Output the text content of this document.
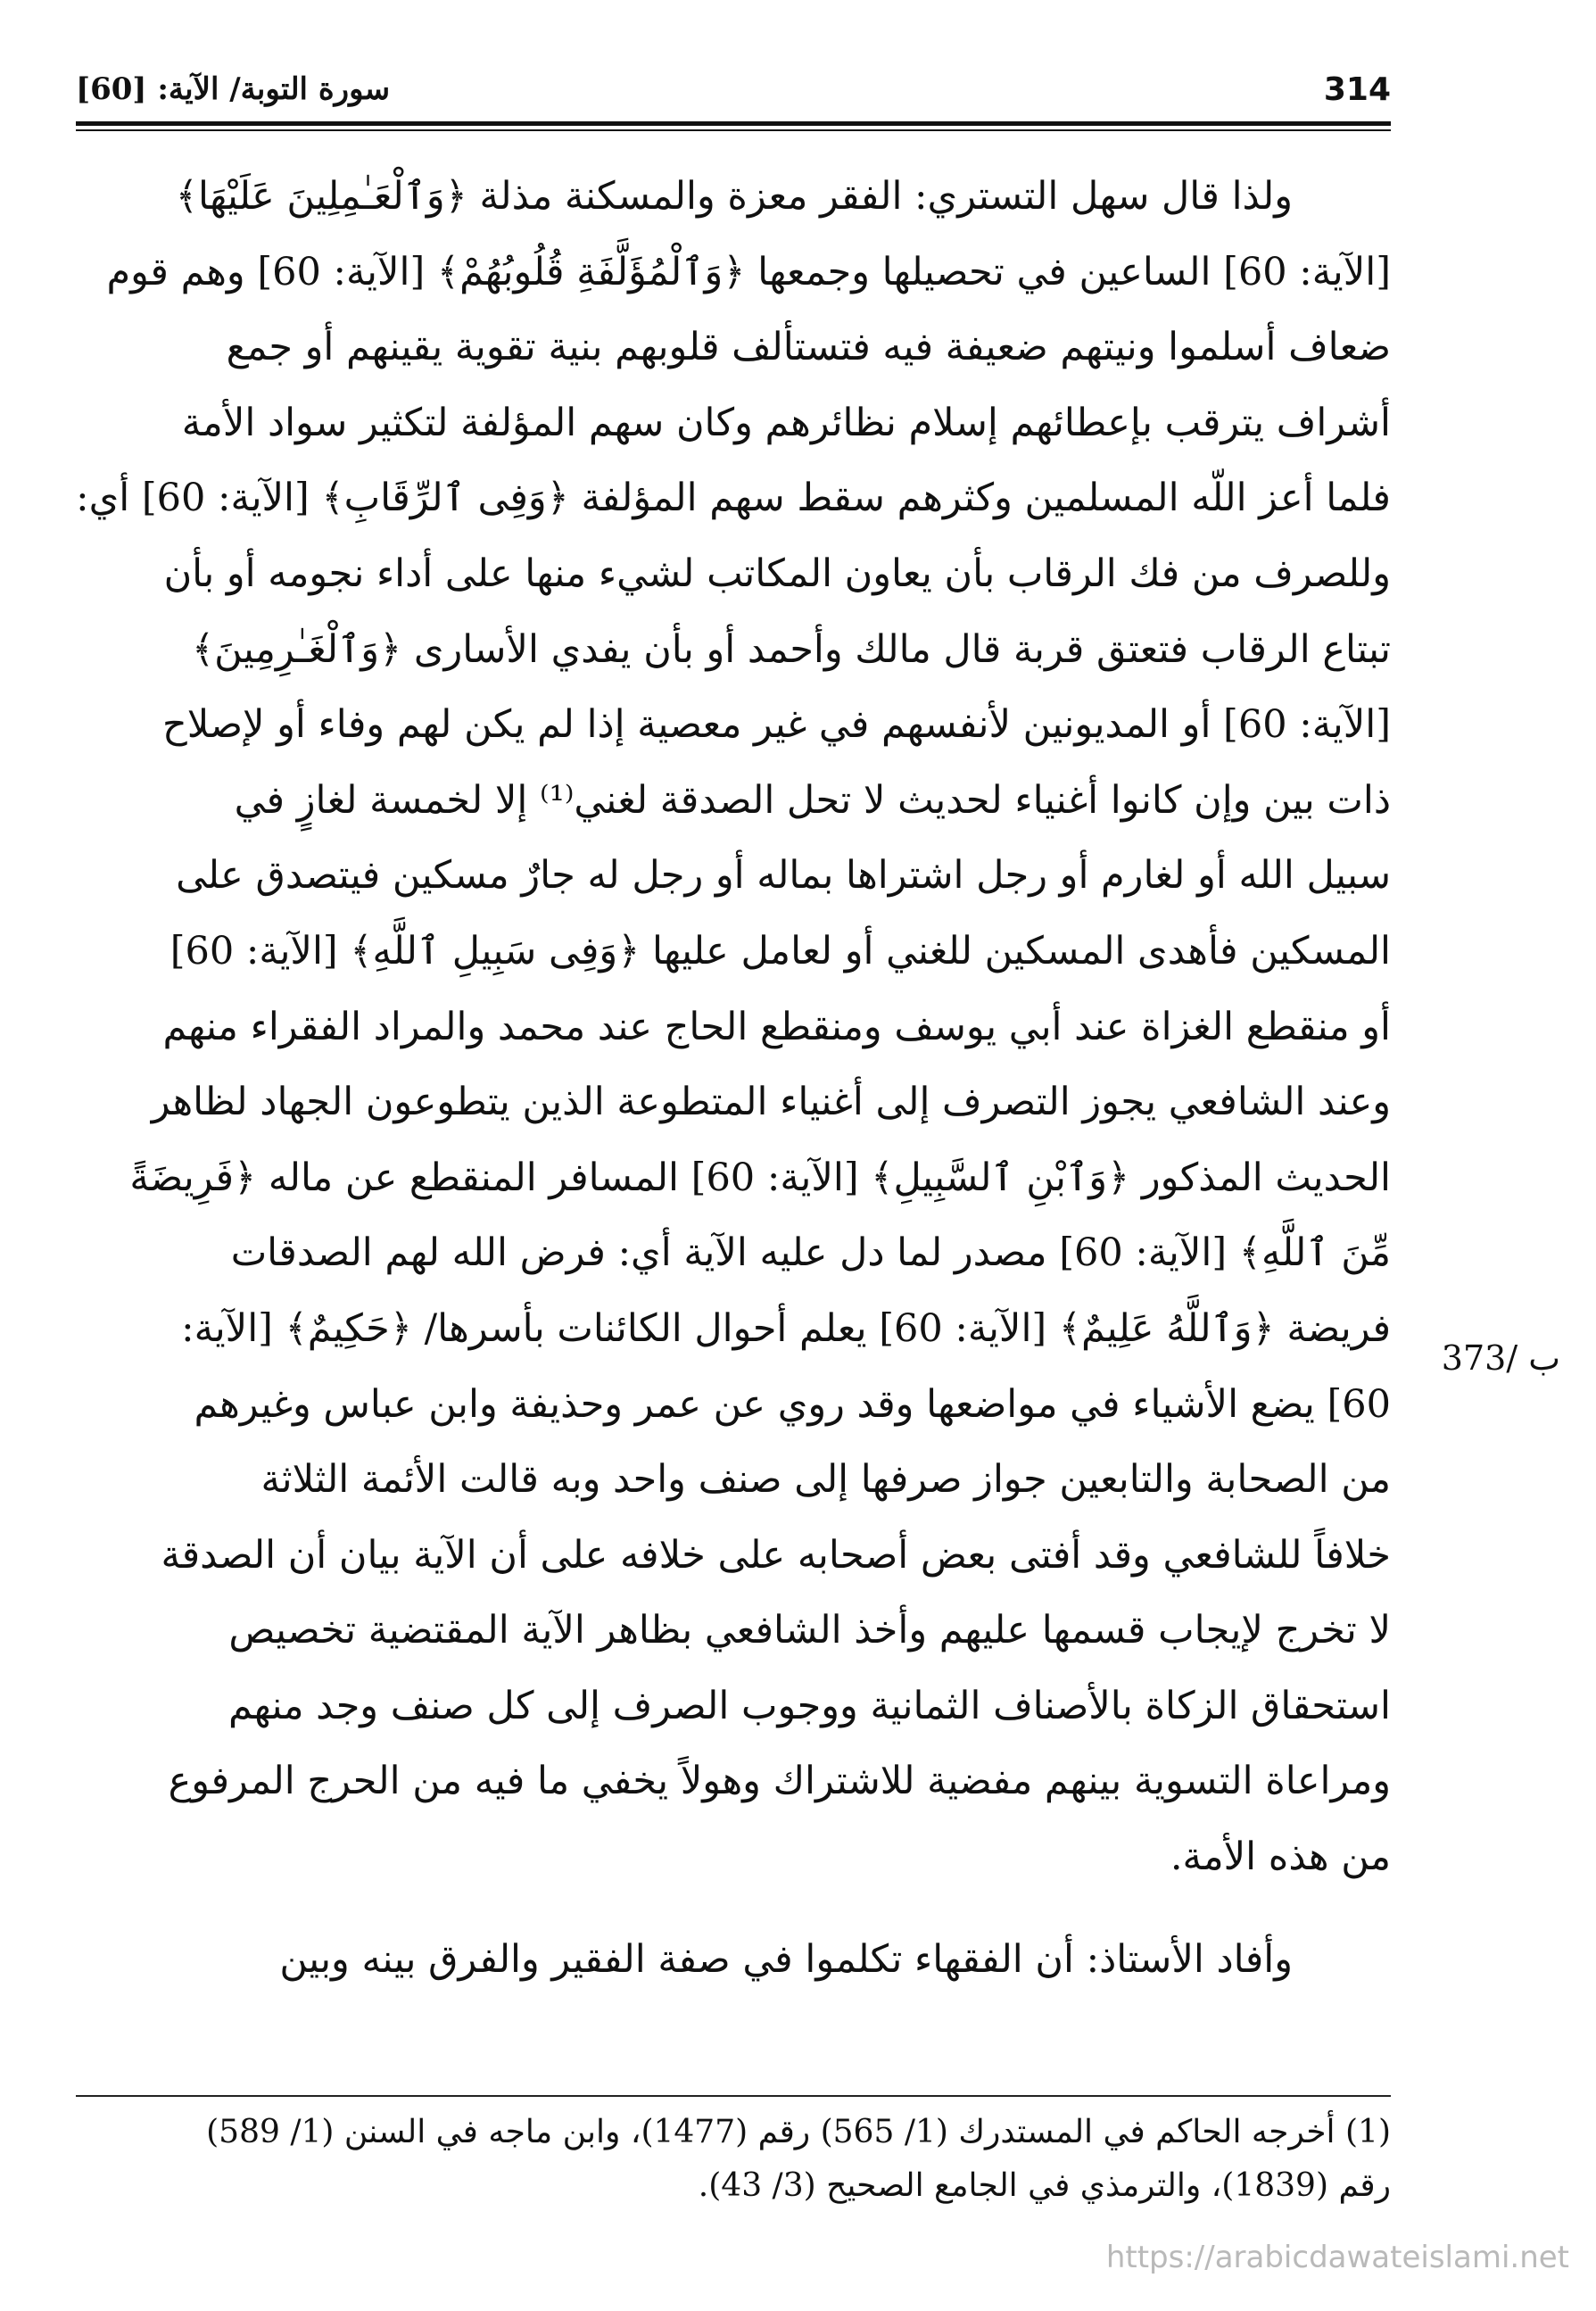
314
سورة التوبة/ الآية: [60]

ولذا قال سهل التستري: الفقر معزة والمسكنة مذلة ﴿وَٱلْعَـٰمِلِينَ عَلَيْهَا﴾
[الآية: 60] الساعين في تحصيلها وجمعها ﴿وَٱلْمُؤَلَّفَةِ قُلُوبُهُمْ﴾ [الآية: 60] وهم قوم
ضعاف أسلموا ونيتهم ضعيفة فيه فتستألف قلوبهم بنية تقوية يقينهم أو جمع
أشراف يترقب بإعطائهم إسلام نظائرهم وكان سهم المؤلفة لتكثير سواد الأمة
فلما أعز اللّه المسلمين وكثرهم سقط سهم المؤلفة ﴿وَفِى ٱلرِّقَابِ﴾ [الآية: 60] أي:
وللصرف من فك الرقاب بأن يعاون المكاتب لشيء منها على أداء نجومه أو بأن
تبتاع الرقاب فتعتق قربة قال مالك وأحمد أو بأن يفدي الأسارى ﴿وَٱلْغَـٰرِمِينَ﴾
[الآية: 60] أو المديونين لأنفسهم في غير معصية إذا لم يكن لهم وفاء أو لإصلاح
ذات بين وإن كانوا أغنياء لحديث لا تحل الصدقة لغني⁽¹⁾ إلا لخمسة لغازٍ في
سبيل الله أو لغارم أو رجل اشتراها بماله أو رجل له جارٌ مسكين فيتصدق على
المسكين فأهدى المسكين للغني أو لعامل عليها ﴿وَفِى سَبِيلِ ٱللَّهِ﴾ [الآية: 60]
أو منقطع الغزاة عند أبي يوسف ومنقطع الحاج عند محمد والمراد الفقراء منهم
وعند الشافعي يجوز التصرف إلى أغنياء المتطوعة الذين يتطوعون الجهاد لظاهر
الحديث المذكور ﴿وَٱبْنِ ٱلسَّبِيلِ﴾ [الآية: 60] المسافر المنقطع عن ماله ﴿فَرِيضَةً
مِّنَ ٱللَّهِ﴾ [الآية: 60] مصدر لما دل عليه الآية أي: فرض الله لهم الصدقات
فريضة ﴿وَٱللَّهُ عَلِيمٌ﴾ [الآية: 60] يعلم أحوال الكائنات بأسرها/ ﴿حَكِيمٌ﴾ [الآية:
60] يضع الأشياء في مواضعها وقد روي عن عمر وحذيفة وابن عباس وغيرهم
من الصحابة والتابعين جواز صرفها إلى صنف واحد وبه قالت الأئمة الثلاثة
خلافاً للشافعي وقد أفتى بعض أصحابه على خلافه على أن الآية بيان أن الصدقة
لا تخرج لإيجاب قسمها عليهم وأخذ الشافعي بظاهر الآية المقتضية تخصيص
استحقاق الزكاة بالأصناف الثمانية ووجوب الصرف إلى كل صنف وجد منهم
ومراعاة التسوية بينهم مفضية للاشتراك وهولاً يخفي ما فيه من الحرج المرفوع
من هذه الأمة.

وأفاد الأستاذ: أن الفقهاء تكلموا في صفة الفقير والفرق بينه وبين

373/ ب

(1) أخرجه الحاكم في المستدرك (1/ 565) رقم (1477)، وابن ماجه في السنن (1/ 589)

رقم (1839)، والترمذي في الجامع الصحيح (3/ 43).

https://arabicdawateislami.net
